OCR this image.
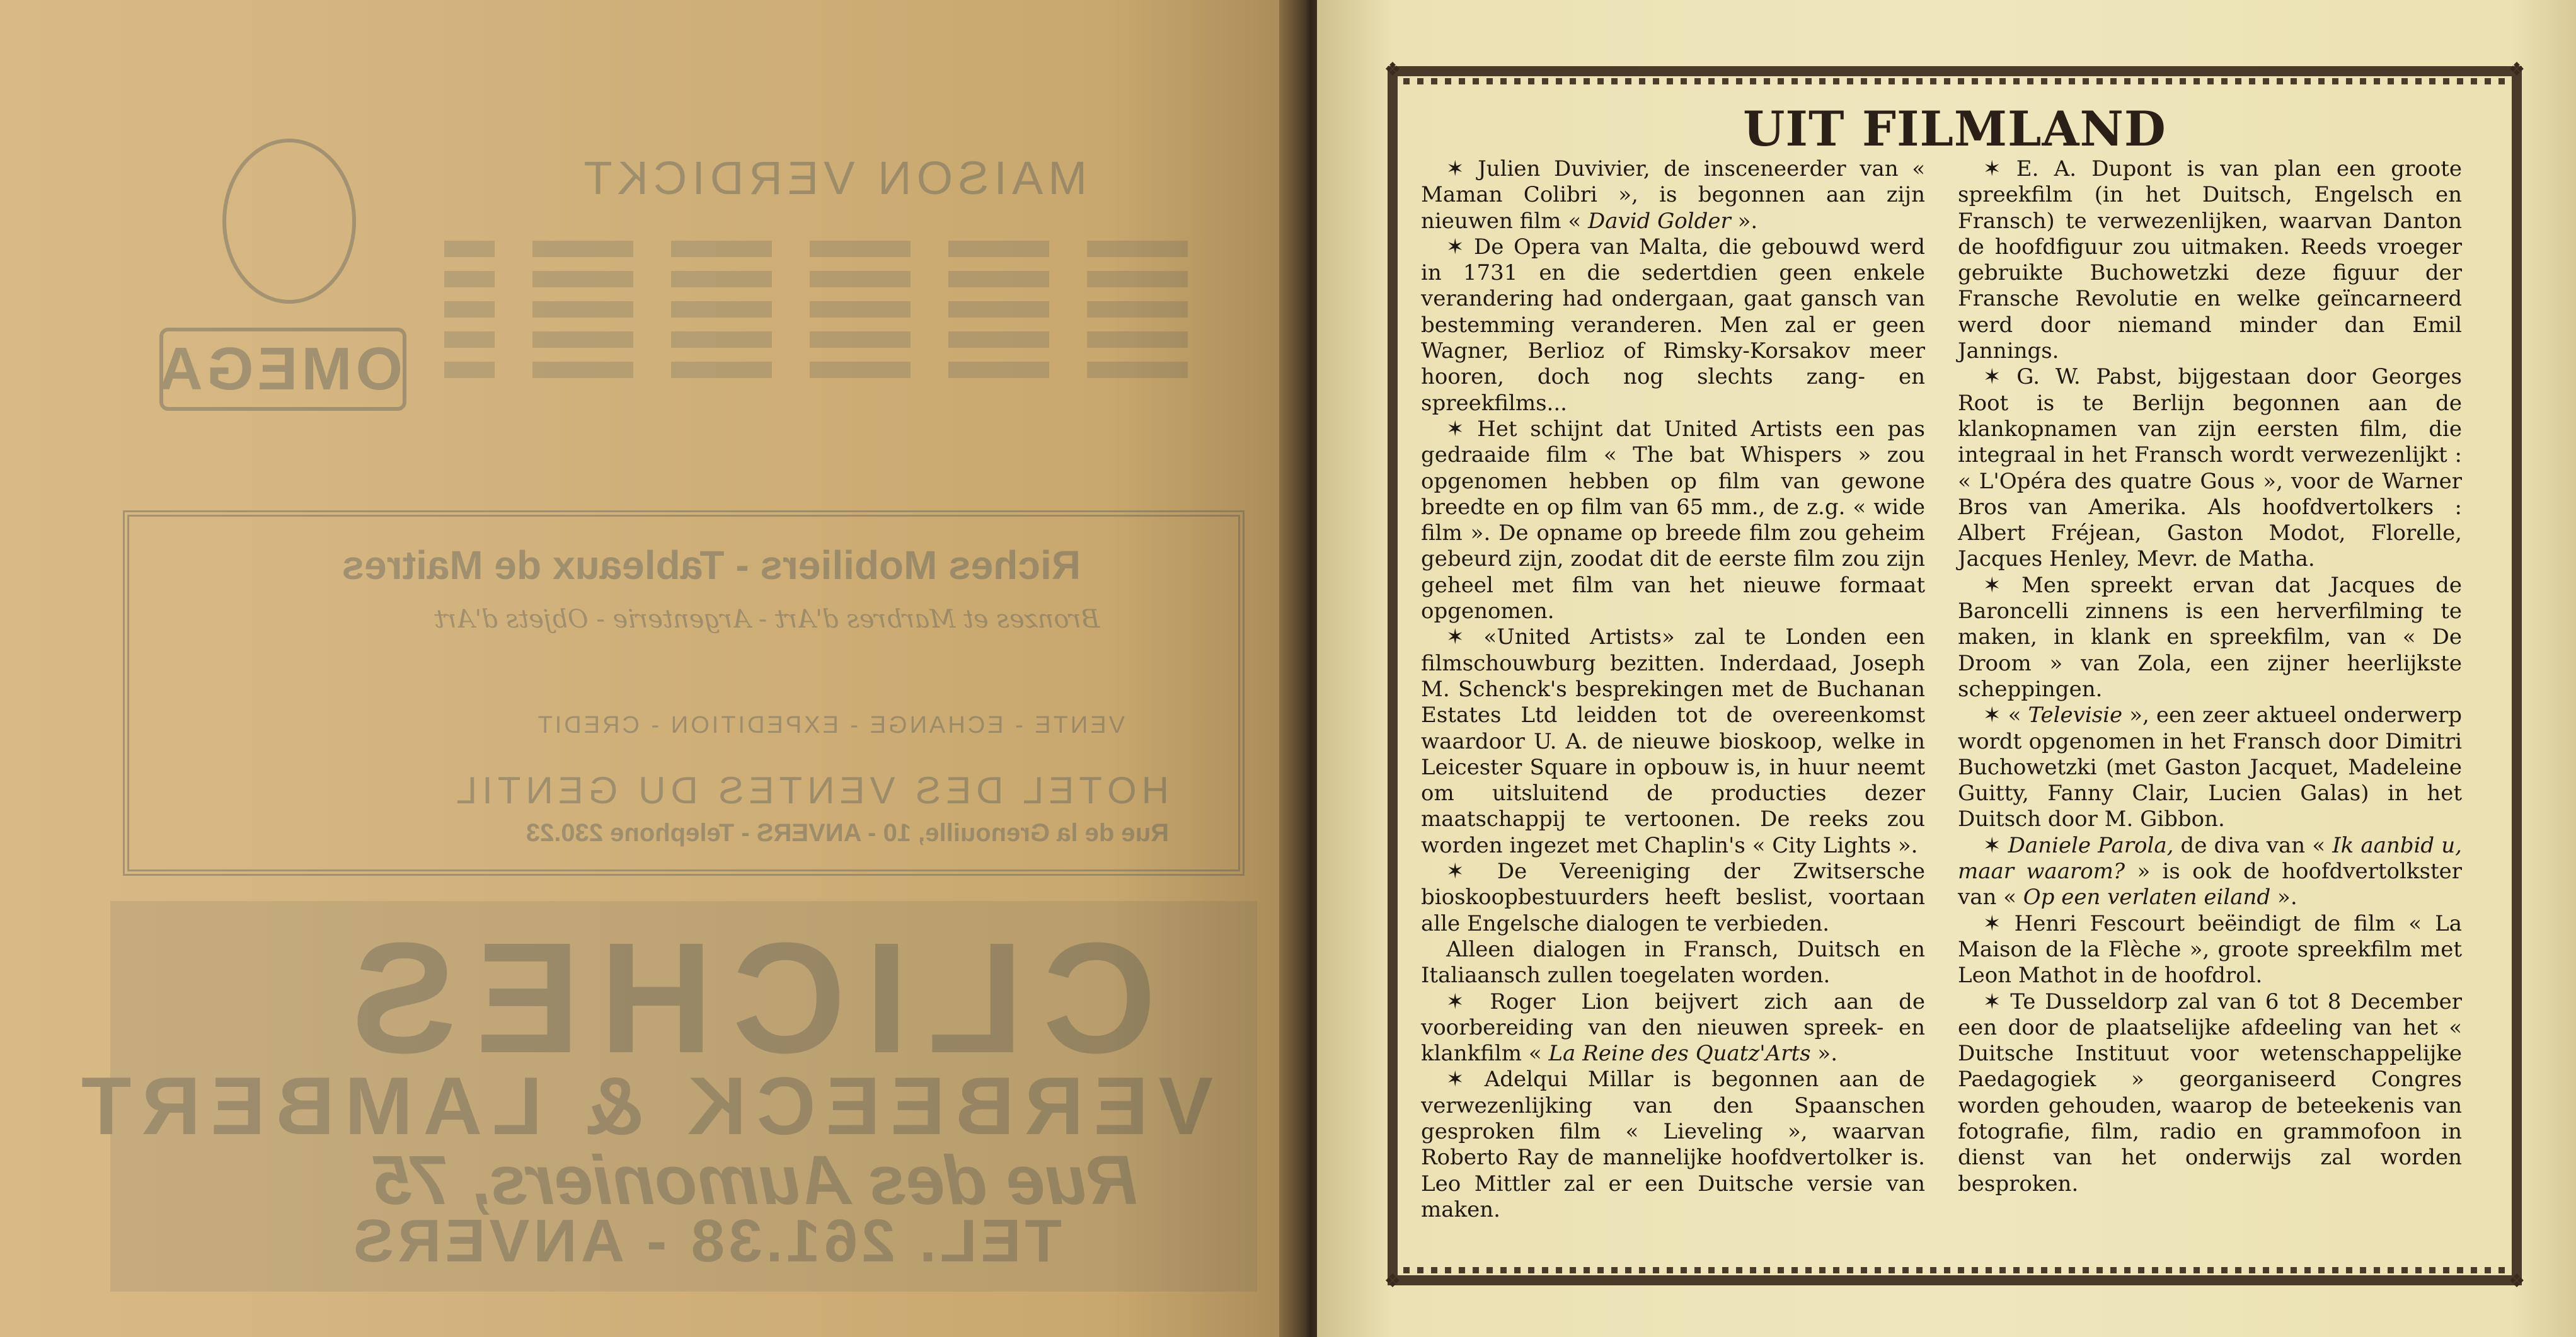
MAISON VERDICKT
OMEGA
Riches Mobiliers - Tableaux de Maitres
Bronzes et Marbres d'Art - Argenterie - Objets d'Art
VENTE - ECHANGE - EXPEDITION - CREDIT
HOTEL DES VENTES DU GENTIL
Rue de la Grenouille, 10 - ANVERS - Telephone 230.23
CLICHES
VERBEECK & LAMBERT
Rue des Aumoniers, 75
TEL. 261.38 - ANVERS
❖	❖
❖	❖
UIT FILMLAND

✶ Julien Duvivier, de insceneerder van « Maman Colibri », is begonnen aan zijn nieuwen film « David Golder ».

✶ De Opera van Malta, die gebouwd werd in 1731 en die sedertdien geen enkele verandering had ondergaan, gaat gansch van bestemming veranderen. Men zal er geen Wagner, Berlioz of Rimsky-Korsakov meer hooren, doch nog slechts zang- en spreekfilms...

✶ Het schijnt dat United Artists een pas gedraaide film « The bat Whispers » zou opgenomen hebben op film van gewone breedte en op film van 65 mm., de z.g. « wide film ». De opname op breede film zou geheim gebeurd zijn, zoodat dit de eerste film zou zijn geheel met film van het nieuwe formaat opgenomen.

✶ «United Artists» zal te Londen een filmschouwburg bezitten. Inderdaad, Joseph M. Schenck's besprekingen met de Buchanan Estates Ltd leidden tot de overeenkomst waardoor U. A. de nieuwe bioskoop, welke in Leicester Square in opbouw is, in huur neemt om uitsluitend de producties dezer maatschappij te vertoonen. De reeks zou worden ingezet met Chaplin's « City Lights ».

✶ De Vereeniging der Zwitsersche bioskoopbestuurders heeft beslist, voortaan alle Engelsche dialogen te verbieden.

Alleen dialogen in Fransch, Duitsch en Italiaansch zullen toegelaten worden.

✶ Roger Lion beijvert zich aan de voorbereiding van den nieuwen spreek- en klankfilm « La Reine des Quatz'Arts ».

✶ Adelqui Millar is begonnen aan de verwezenlijking van den Spaanschen gesproken film « Lieveling », waarvan Roberto Ray de mannelijke hoofdvertolker is. Leo Mittler zal er een Duitsche versie van maken.

✶ E. A. Dupont is van plan een groote spreekfilm (in het Duitsch, Engelsch en Fransch) te verwezenlijken, waarvan Danton de hoofdfiguur zou uitmaken. Reeds vroeger gebruikte Buchowetzki deze figuur der Fransche Revolutie en welke geïncarneerd werd door niemand minder dan Emil Jannings.

✶ G. W. Pabst, bijgestaan door Georges Root is te Berlijn begonnen aan de klankopnamen van zijn eersten film, die integraal in het Fransch wordt verwezenlijkt : « L'Opéra des quatre Gous », voor de Warner Bros van Amerika. Als hoofdvertolkers : Albert Fréjean, Gaston Modot, Florelle, Jacques Henley, Mevr. de Matha.

✶ Men spreekt ervan dat Jacques de Baroncelli zinnens is een herverfilming te maken, in klank en spreekfilm, van « De Droom » van Zola, een zijner heerlijkste scheppingen.

✶ « Televisie », een zeer aktueel onderwerp wordt opgenomen in het Fransch door Dimitri Buchowetzki (met Gaston Jacquet, Madeleine Guitty, Fanny Clair, Lucien Galas) in het Duitsch door M. Gibbon.

✶ Daniele Parola, de diva van « Ik aanbid u, maar waarom? » is ook de hoofdvertolkster van « Op een verlaten eiland ».

✶ Henri Fescourt beëindigt de film « La Maison de la Flèche », groote spreekfilm met Leon Mathot in de hoofdrol.

✶ Te Dusseldorp zal van 6 tot 8 December een door de plaatselijke afdeeling van het « Duitsche Instituut voor wetenschappelijke Paedagogiek » georganiseerd Congres worden gehouden, waarop de beteekenis van fotografie, film, radio en grammofoon in dienst van het onderwijs zal worden besproken.
